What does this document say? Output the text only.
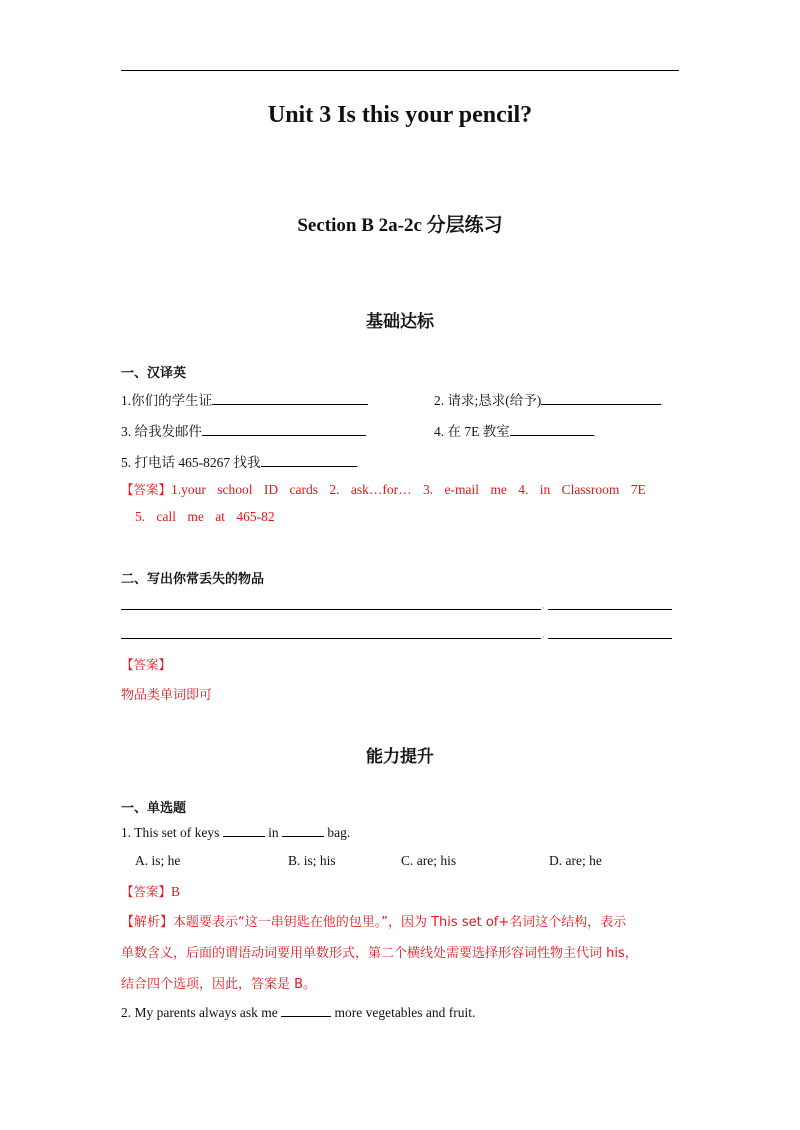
Unit 3 Is this your pencil?
Section B 2a-2c 分层练习
基础达标
一、汉译英
1.你们的学生证	2. 请求;恳求(给予)	.
3. 给我发邮件	4. 在 7E 教室	.
5. 打电话 465-8267 找我	.
【答案】1.your school ID cards 2. ask…for… 3. e-mail me 4. in Classroom 7E
5. call me at 465-82
二、写出你常丢失的物品
,
,
【答案】
物品类单词即可
能力提升
一、单选题
1. This set of keys	in	bag.
A. is; he	B. is; his	C. are; his	D. are; he
【答案】B
【解析】本题要表示“这一串钥匙在他的包里。”，因为 This set of+名词这个结构，表示
单数含义，后面的谓语动词要用单数形式，第二个横线处需要选择形容词性物主代词 his，
结合四个选项，因此，答案是 B。
2. My parents always ask me	more vegetables and fruit.
